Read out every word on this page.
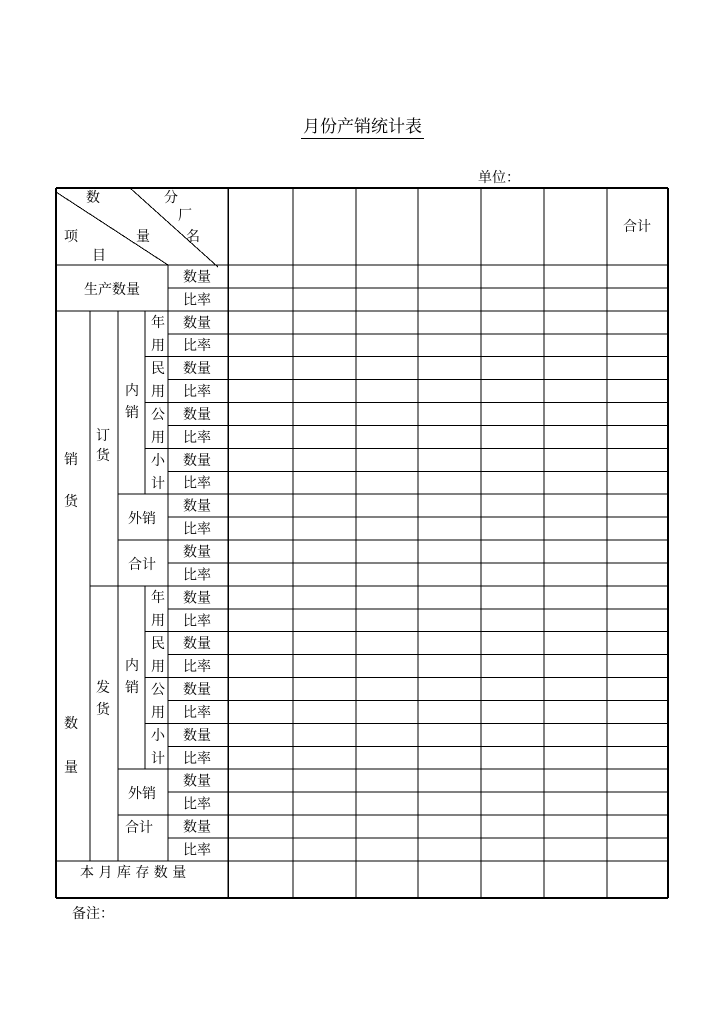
月份产销统计表
单位：
备注：
数
量
项
目
分
厂
名
合计
生产数量
销
货
数
量
订
货
发
货
内
销
内
销
年
用
民
用
公
用
小
计
外销
合计
年
用
民
用
公
用
小
计
外销
合计
本 月 库 存 数 量
数量
比率
数量
比率
数量
比率
数量
比率
数量
比率
数量
比率
数量
比率
数量
比率
数量
比率
数量
比率
数量
比率
数量
比率
数量
比率
